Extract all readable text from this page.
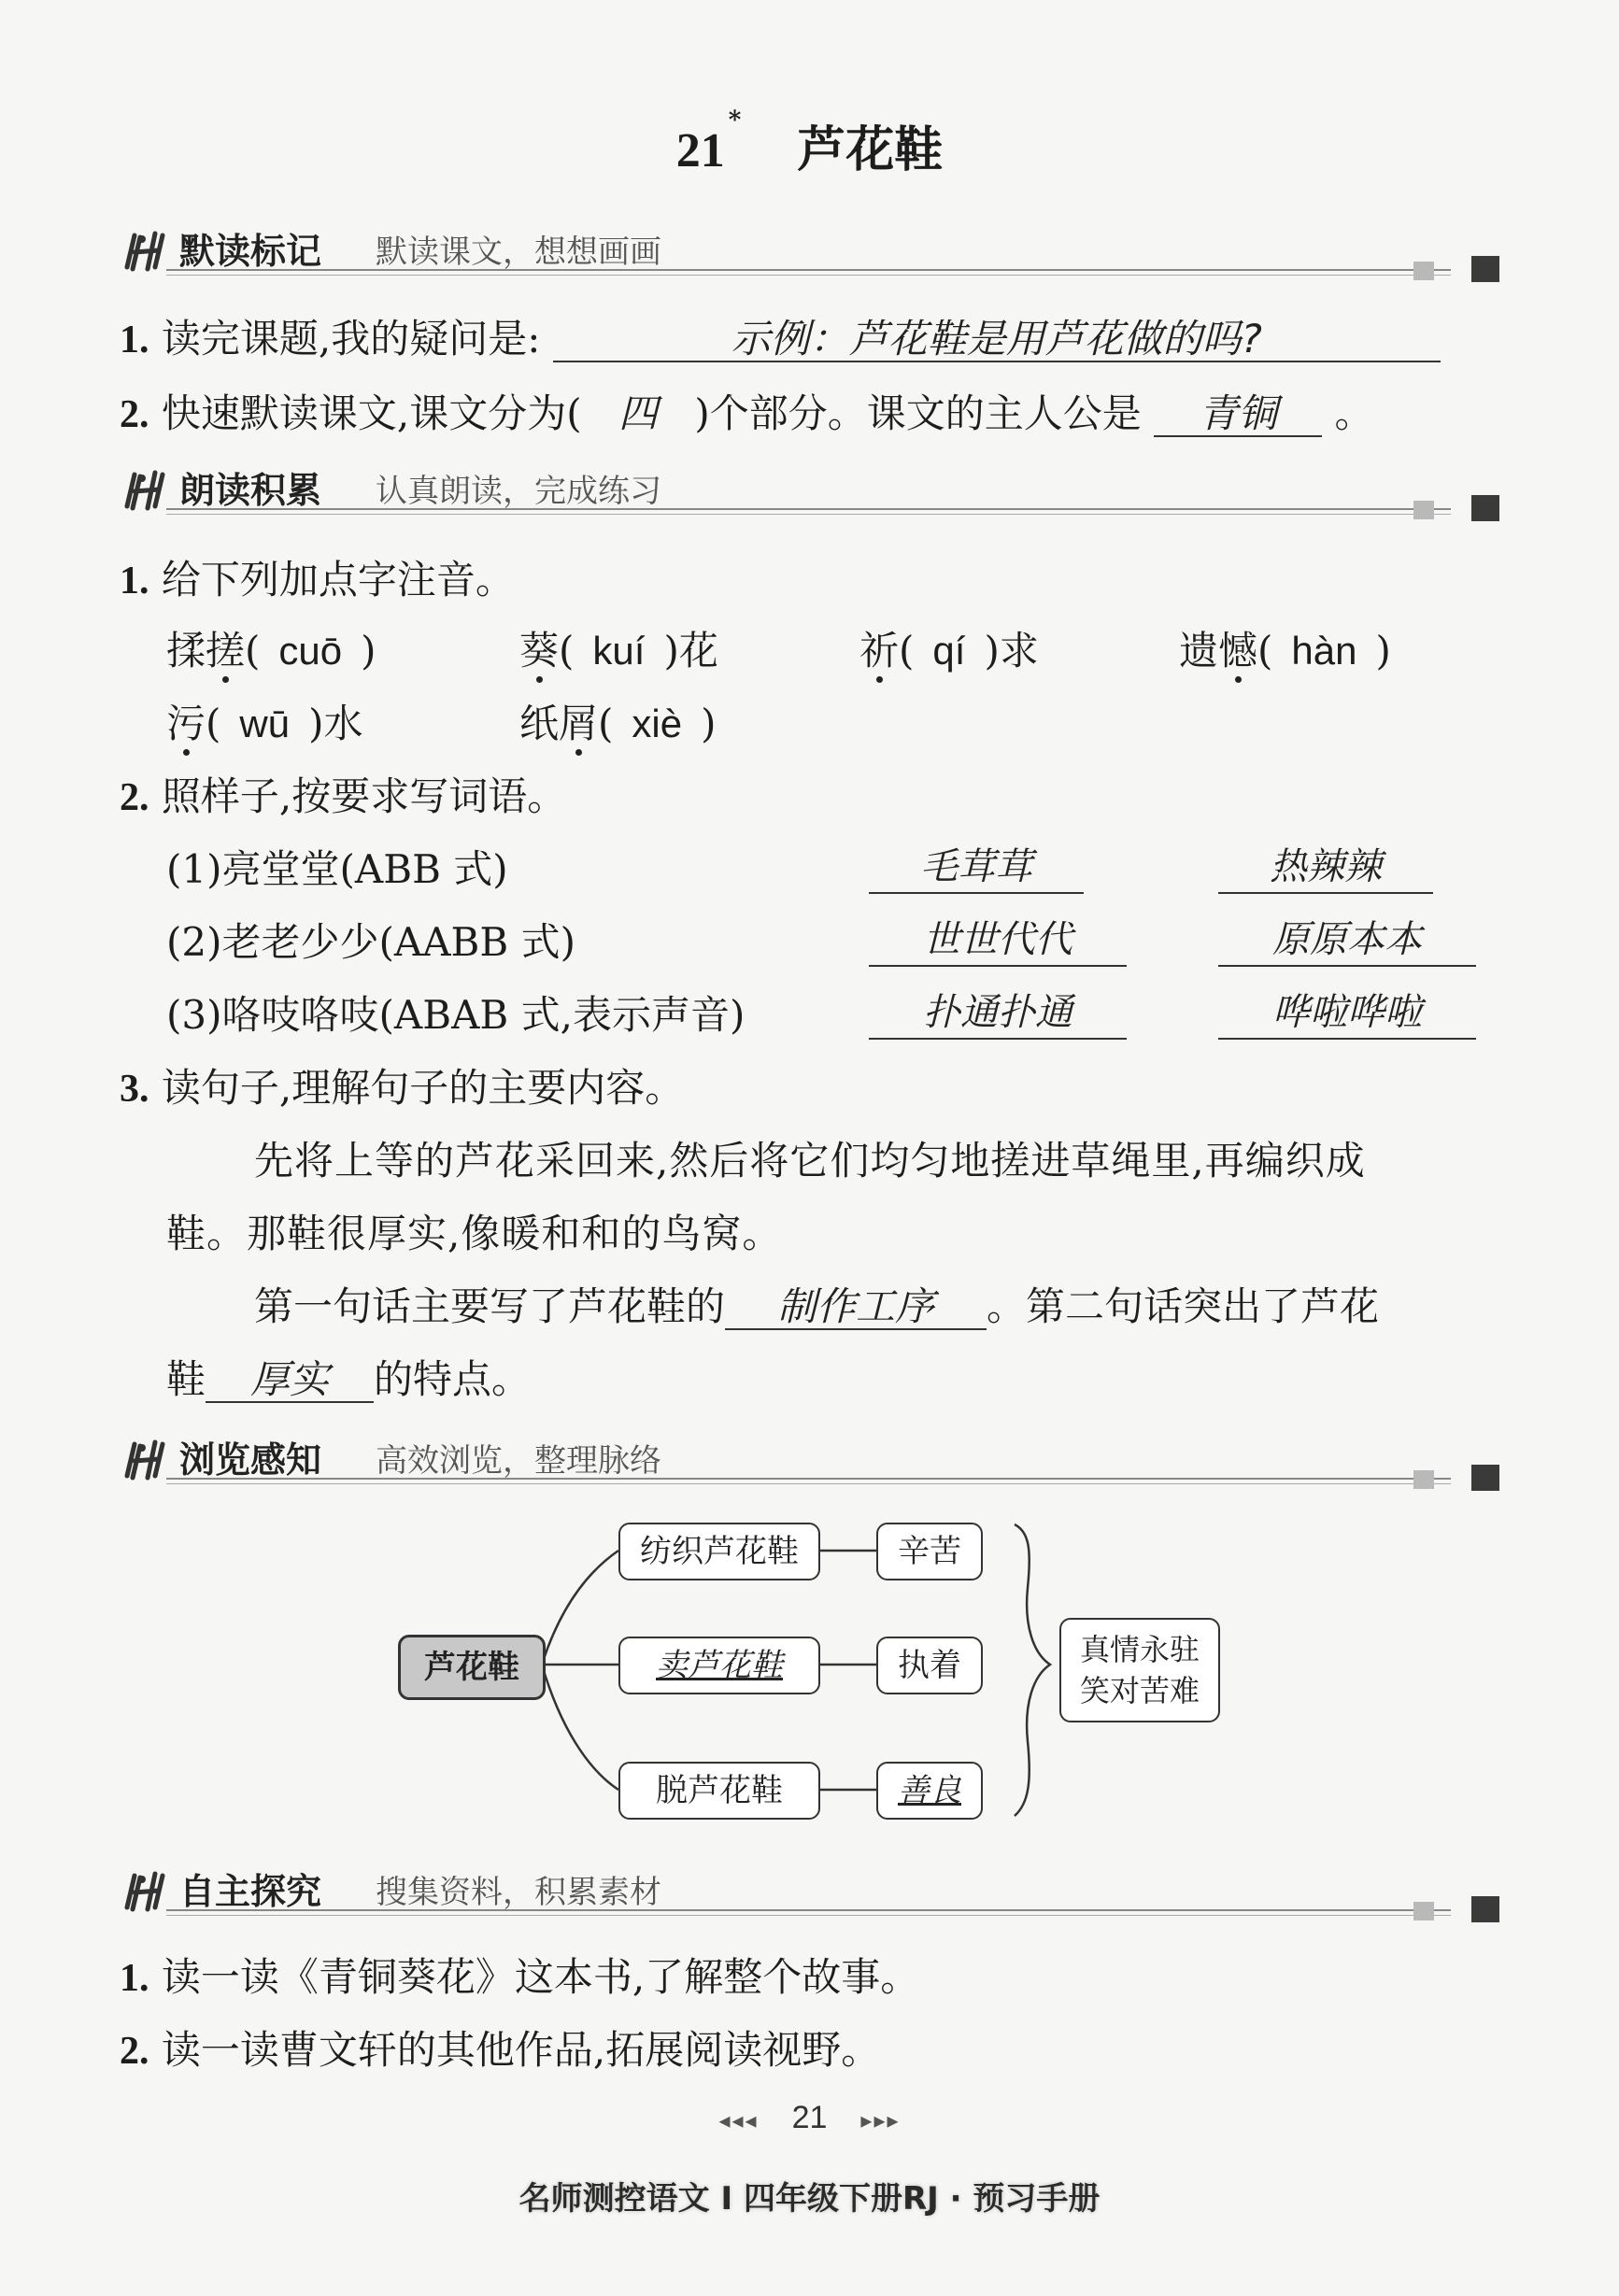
21*芦花鞋
默读标记 默读课文，想想画画
1. 读完课题,我的疑问是:	示例：芦花鞋是用芦花做的吗?
2. 快速默读课文,课文分为( 四 )个部分。课文的主人公是 青铜 。
朗读积累 认真朗读，完成练习
1. 给下列加点字注音。
揉搓( cuō )	葵( kuí )花	祈( qí )求	遗憾( hàn )
污( wū )水	纸屑( xiè )
2. 照样子,按要求写词语。
(1)亮堂堂(ABB 式)	毛茸茸	热辣辣
(2)老老少少(AABB 式)	世世代代	原原本本
(3)咯吱咯吱(ABAB 式,表示声音)	扑通扑通	哗啦哗啦
3. 读句子,理解句子的主要内容。
先将上等的芦花采回来,然后将它们均匀地搓进草绳里,再编织成
鞋。那鞋很厚实,像暖和和的鸟窝。
第一句话主要写了芦花鞋的 制作工序 。第二句话突出了芦花
鞋 厚实 的特点。
浏览感知 高效浏览，整理脉络
芦花鞋
纺织芦花鞋
卖芦花鞋
脱芦花鞋
辛苦
执着
善良
真情永驻
笑对苦难
自主探究 搜集资料，积累素材
1. 读一读《青铜葵花》这本书,了解整个故事。
2. 读一读曹文轩的其他作品,拓展阅读视野。
◂◂◂ 21 ▸▸▸
名师测控语文 I 四年级下册RJ · 预习手册
